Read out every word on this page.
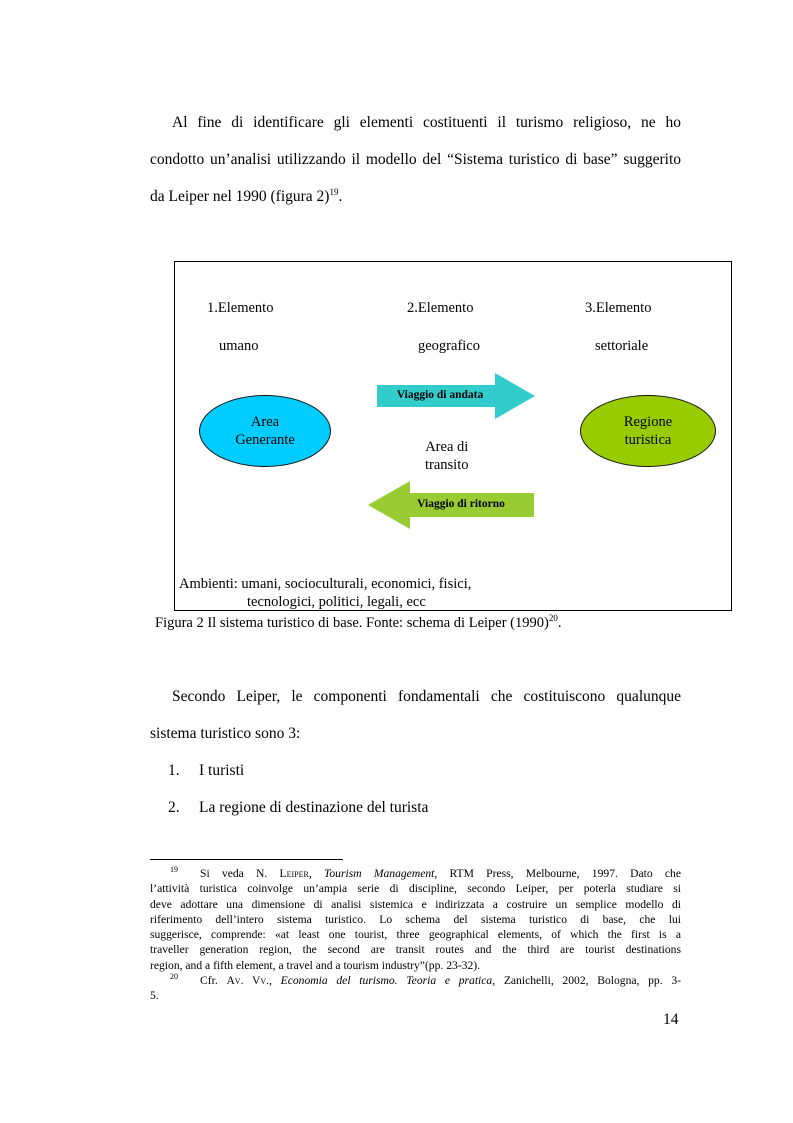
Al fine di identificare gli elementi costituenti il turismo religioso, ne ho
condotto un’analisi utilizzando il modello del “Sistema turistico di base” suggerito
da Leiper nel 1990 (figura 2)$^{19}$.
1.Elemento
umano
2.Elemento
geografico
3.Elemento
settoriale
Area
Generante
Regione
turistica
Viaggio di andata
Area di
transito
Viaggio di ritorno
Ambienti: umani, socioculturali, economici, fisici,
tecnologici, politici, legali, ecc
Figura 2 Il sistema turistico di base. Fonte: schema di Leiper $(1990)^{20}$.
Secondo Leiper, le componenti fondamentali che costituiscono qualunque
sistema turistico sono 3:
1. I turisti
2. La regione di destinazione del turista
$^{19}$ Si veda N. Leiper, Tourism Management, RTM Press, Melbourne, 1997. Dato che
l’attività turistica coinvolge un’ampia serie di discipline, secondo Leiper, per poterla studiare si
deve adottare una dimensione di analisi sistemica e indirizzata a costruire un semplice modello di
riferimento dell’intero sistema turistico. Lo schema del sistema turistico di base, che lui
suggerisce, comprende: «at least one tourist, three geographical elements, of which the first is a
traveller generation region, the second are transit routes and the third are tourist destinations
region, and a fifth element, a travel and a tourism industry”(pp. 23-32).
$^{20}$ Cfr. Av. Vv., Economia del turismo. Teoria e pratica, Zanichelli, 2002, Bologna, pp. 3-
5.
14
